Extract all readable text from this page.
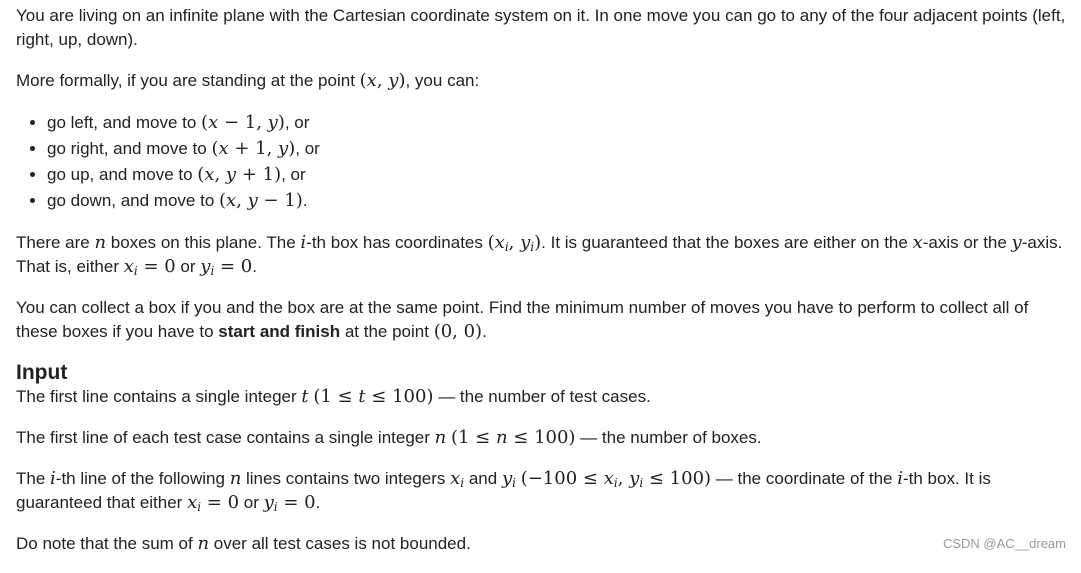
You are living on an infinite plane with the Cartesian coordinate system on it. In one move you can go to any of the four adjacent points (left, right, up, down).

More formally, if you are standing at the point (x, y), you can:

• go left, and move to (x − 1, y), or
• go right, and move to (x + 1, y), or
• go up, and move to (x, y + 1), or
• go down, and move to (x, y − 1).

There are n boxes on this plane. The i-th box has coordinates ($x_i$, $y_i$). It is guaranteed that the boxes are either on the x-axis or the y-axis. That is, either $x_i = 0$ or $y_i = 0$.

You can collect a box if you and the box are at the same point. Find the minimum number of moves you have to perform to collect all of these boxes if you have to start and finish at the point (0, 0).

Input

The first line contains a single integer t (1 ≤ t ≤ 100) — the number of test cases.

The first line of each test case contains a single integer n (1 ≤ n ≤ 100) — the number of boxes.

The i-th line of the following n lines contains two integers $x_i$ and $y_i$ ($-100 \le x_i$, $y_i \le 100$) — the coordinate of the i-th box. It is guaranteed that either $x_i = 0$ or $y_i = 0$.

Do note that the sum of n over all test cases is not bounded.	CSDN @AC__dream
